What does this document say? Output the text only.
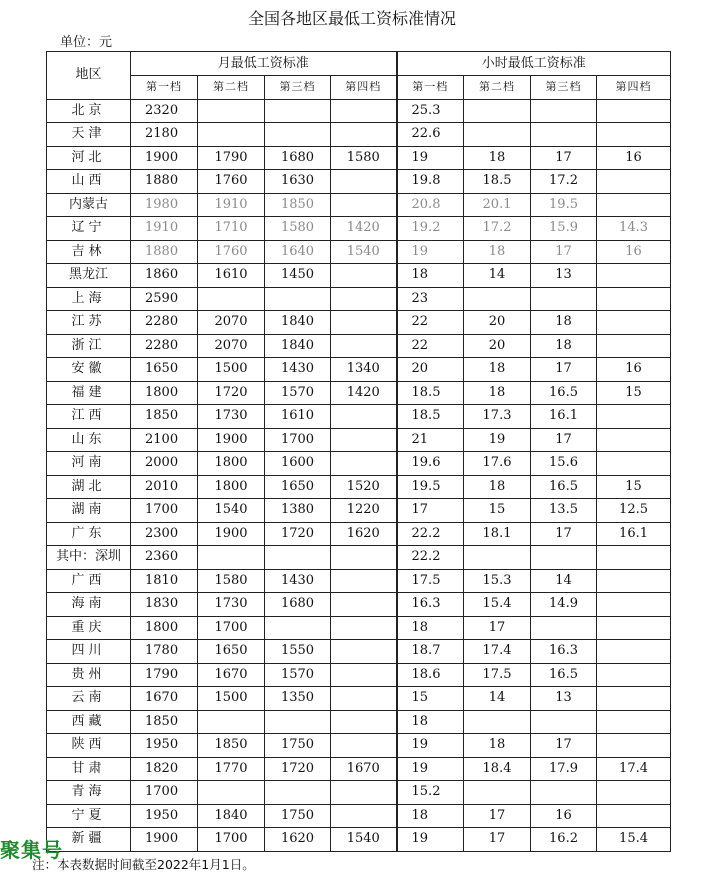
全国各地区最低工资标准情况
单位：元
地区	月最低工资标准				小时最低工资标准			
	第一档	第二档	第三档	第四档	第一档	第二档	第三档	第四档
北京	2320				25.3			
天津	2180				22.6			
河北	1900	1790	1680	1580	19	18	17	16
山西	1880	1760	1630		19.8	18.5	17.2	
内蒙古	1980	1910	1850		20.8	20.1	19.5	
辽宁	1910	1710	1580	1420	19.2	17.2	15.9	14.3
吉林	1880	1760	1640	1540	19	18	17	16
黑龙江	1860	1610	1450		18	14	13	
上海	2590				23			
江苏	2280	2070	1840		22	20	18	
浙江	2280	2070	1840		22	20	18	
安徽	1650	1500	1430	1340	20	18	17	16
福建	1800	1720	1570	1420	18.5	18	16.5	15
江西	1850	1730	1610		18.5	17.3	16.1	
山东	2100	1900	1700		21	19	17	
河南	2000	1800	1600		19.6	17.6	15.6	
湖北	2010	1800	1650	1520	19.5	18	16.5	15
湖南	1700	1540	1380	1220	17	15	13.5	12.5
广东	2300	1900	1720	1620	22.2	18.1	17	16.1
其中：深圳	2360				22.2			
广西	1810	1580	1430		17.5	15.3	14	
海南	1830	1730	1680		16.3	15.4	14.9	
重庆	1800	1700			18	17		
四川	1780	1650	1550		18.7	17.4	16.3	
贵州	1790	1670	1570		18.6	17.5	16.5	
云南	1670	1500	1350		15	14	13	
西藏	1850				18			
陕西	1950	1850	1750		19	18	17	
甘肃	1820	1770	1720	1670	19	18.4	17.9	17.4
青海	1700				15.2			
宁夏	1950	1840	1750		18	17	16	
新疆	1900	1700	1620	1540	19	17	16.2	15.4
聚集号
注：本表数据时间截至2022年1月1日。
